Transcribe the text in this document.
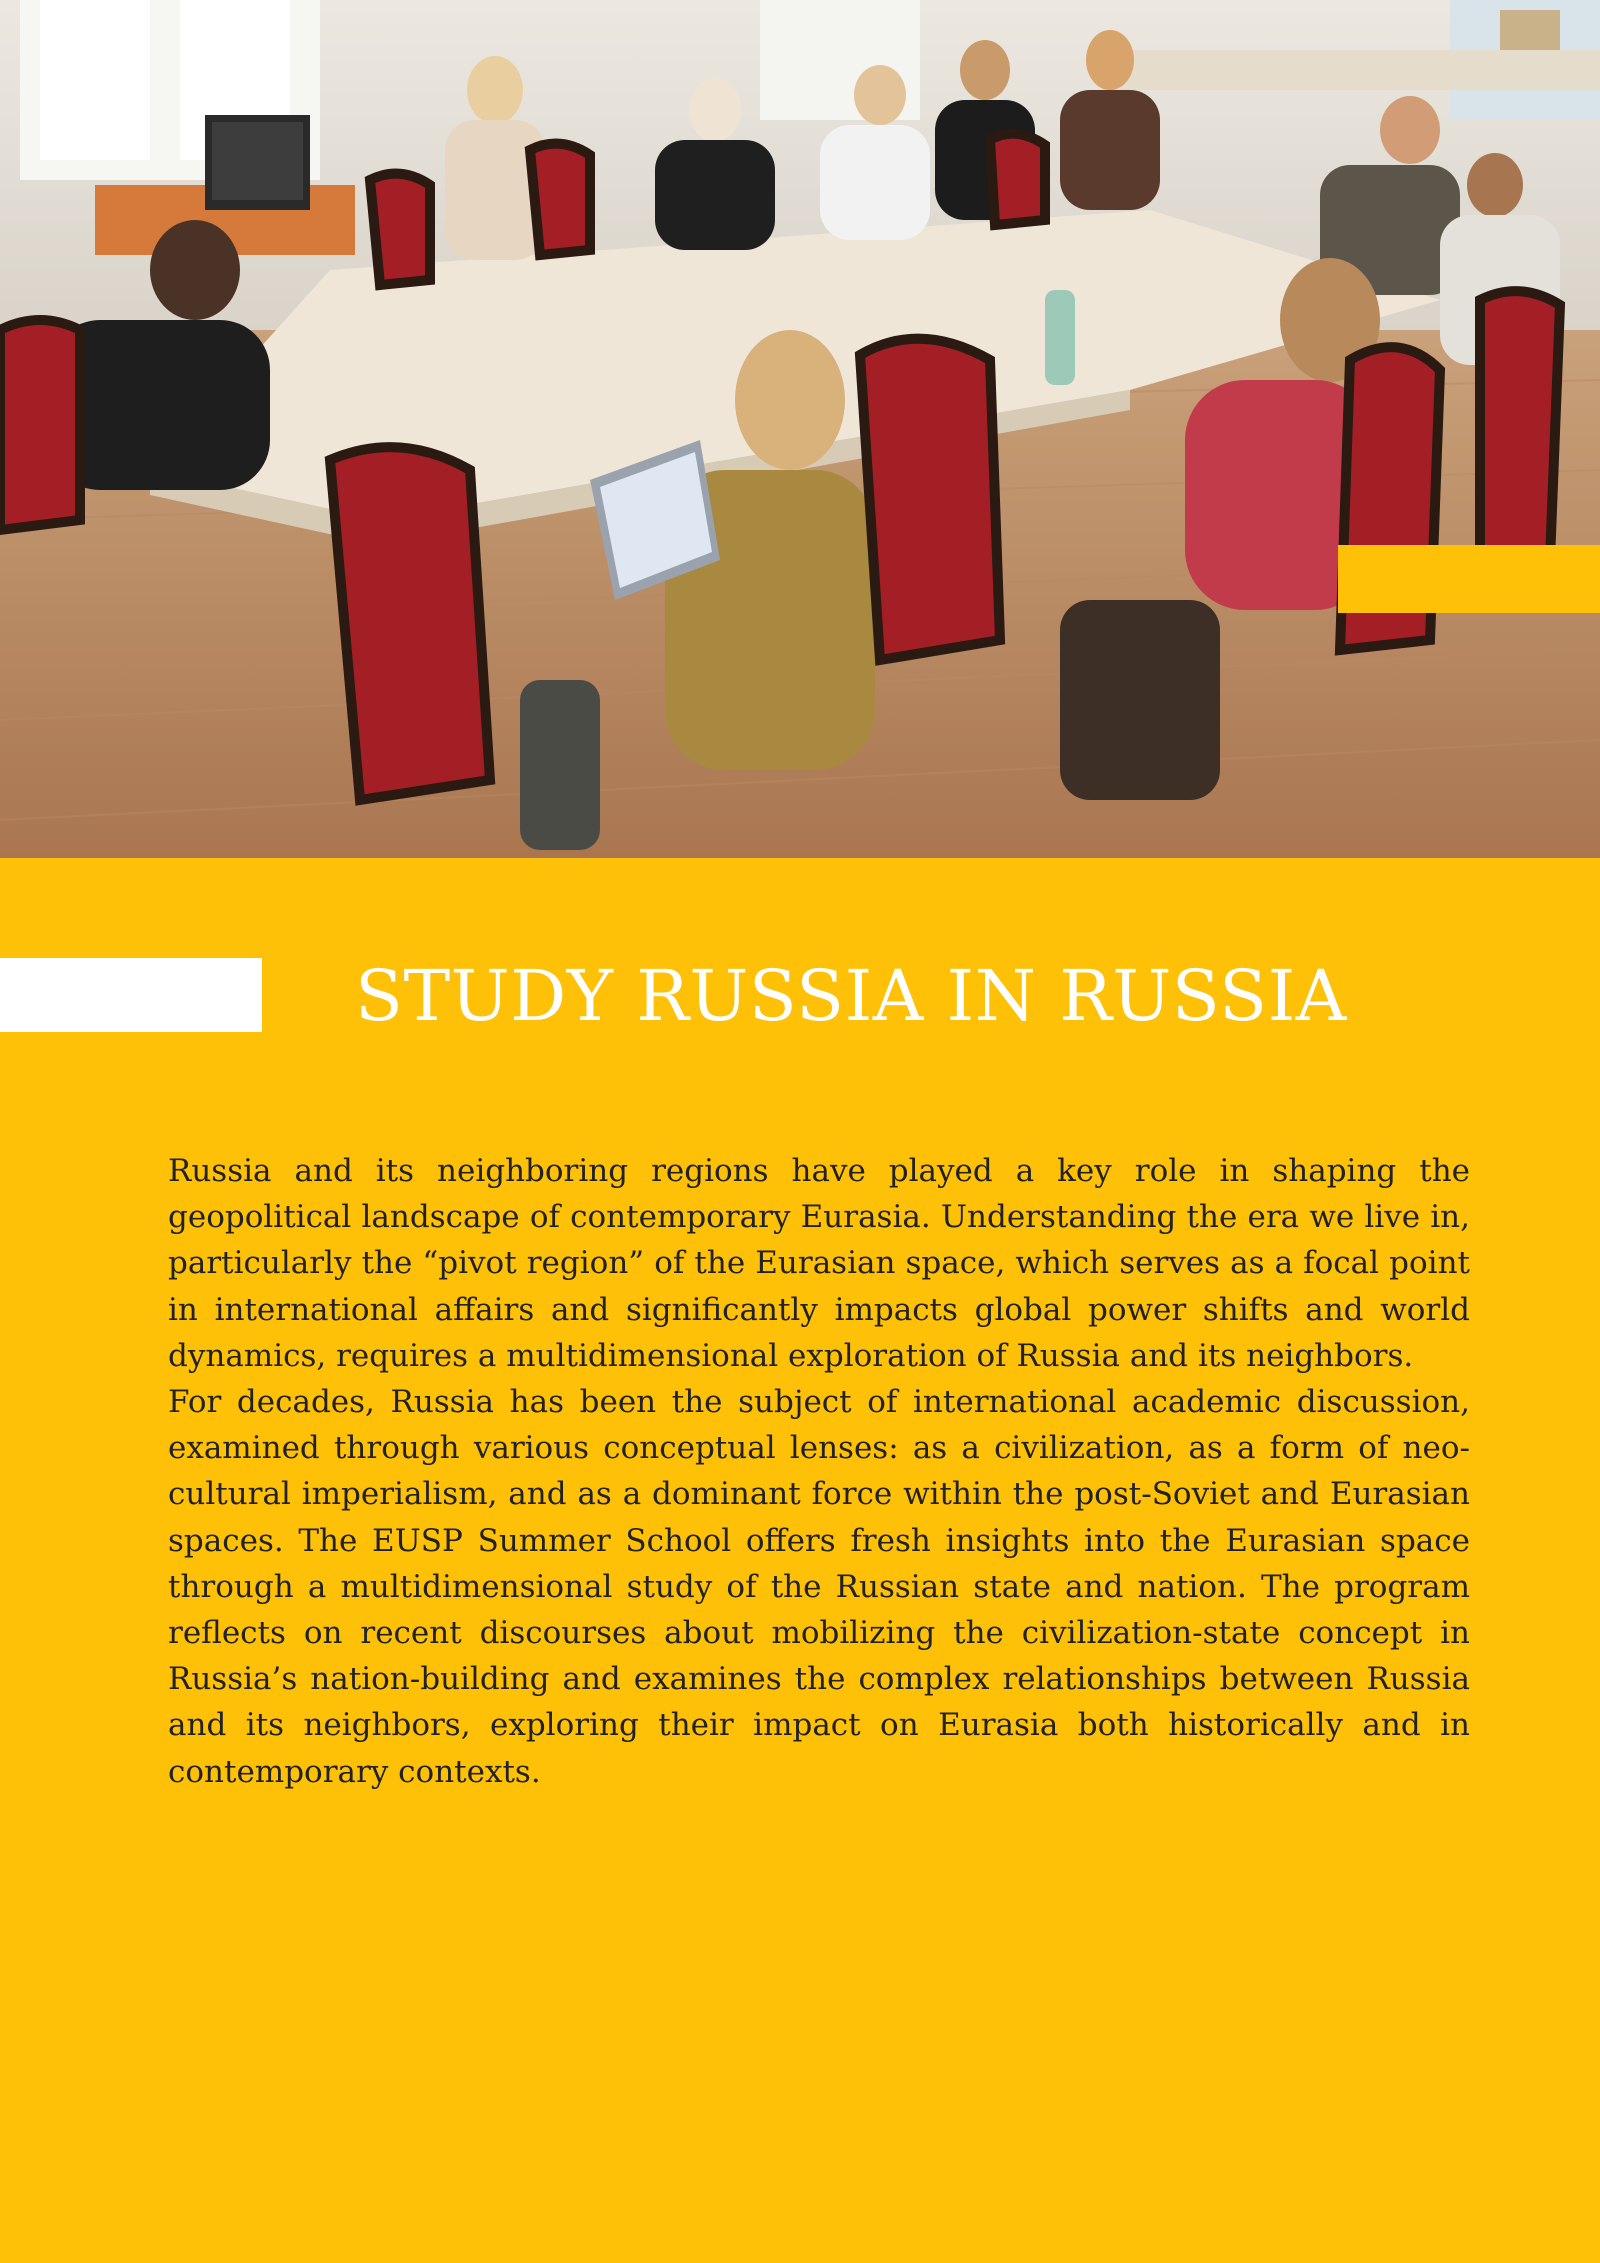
STUDY RUSSIA IN RUSSIA

Russia and its neighboring regions have played a key role in shaping the geopolitical landscape of contemporary Eurasia. Understanding the era we live in, particularly the “pivot region” of the Eurasian space, which serves as a focal point in international affairs and significantly impacts global power shifts and world dynamics, requires a multidimensional exploration of Russia and its neighbors.

For decades, Russia has been the subject of international academic discussion, examined through various conceptual lenses: as a civilization, as a form of neo-cultural imperialism, and as a dominant force within the post-Soviet and Eurasian spaces. The EUSP Summer School offers fresh insights into the Eurasian space through a multidimensional study of the Russian state and nation. The program reflects on recent discourses about mobilizing the civilization-state concept in Russia’s nation-building and examines the complex relationships between Russia and its neighbors, exploring their impact on Eurasia both historically and in contemporary contexts.
